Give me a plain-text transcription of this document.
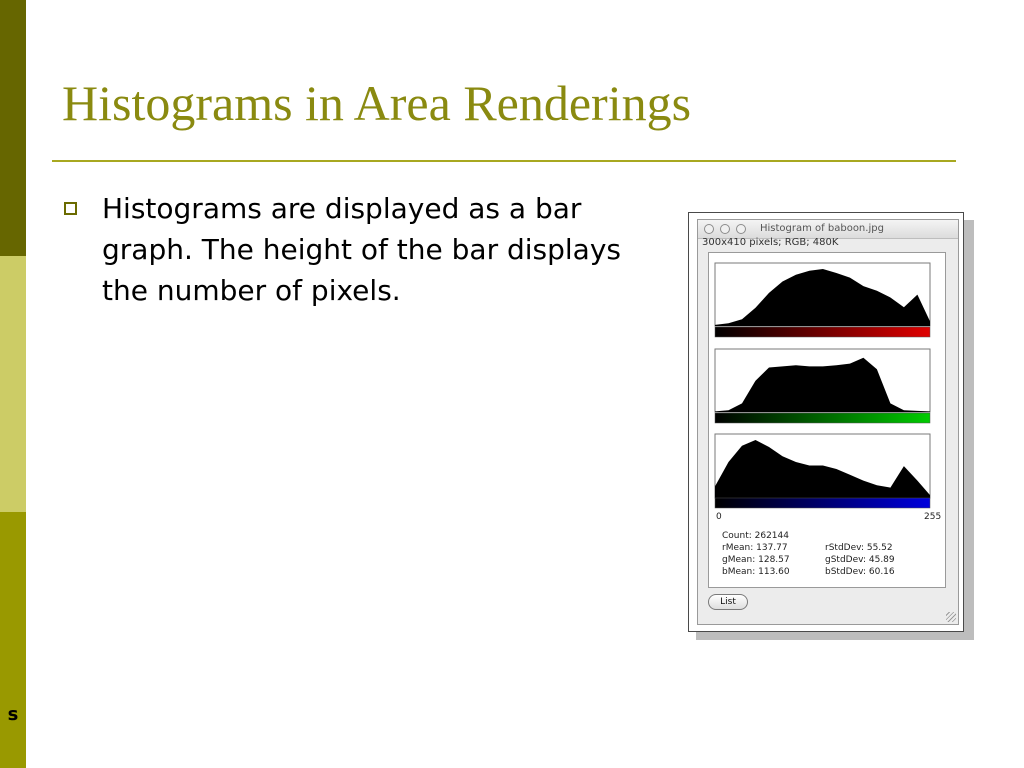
s
Histograms in Area Renderings

Histograms are displayed as a bar graph. The height of the bar displays the number of pixels.

Histogram of baboon.jpg
300x410 pixels; RGB; 480K
0	255
Count: 262144
rMean: 137.77
gMean: 128.57
bMean: 113.60
rStdDev: 55.52
gStdDev: 45.89
bStdDev: 60.16
List
